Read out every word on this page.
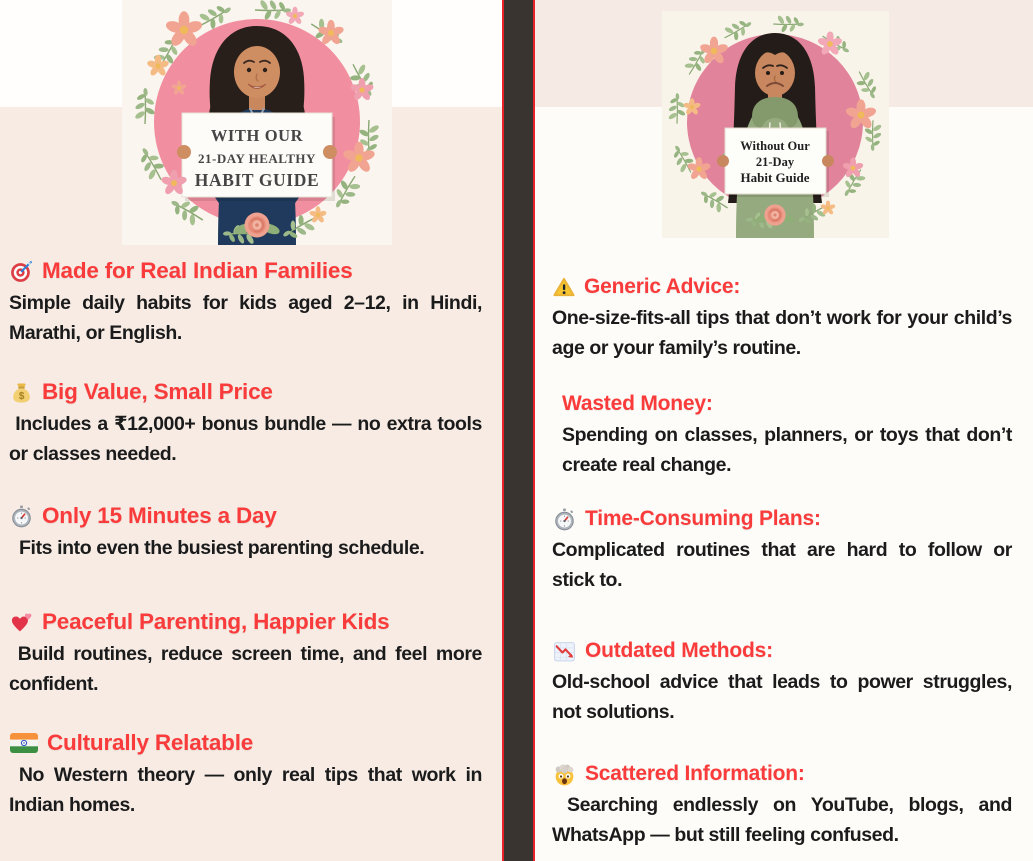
WITH OUR
21-DAY HEALTHY
HABIT GUIDE
Made for Real Indian Families

Simple daily habits for kids aged 2–12, in Hindi, Marathi, or English.

$ Big Value, Small Price

Includes a ₹12,000+ bonus bundle — no extra tools or classes needed.

Only 15 Minutes a Day

Fits into even the busiest parenting schedule.

Peaceful Parenting, Happier Kids

Build routines, reduce screen time, and feel more confident.

Culturally Relatable

No Western theory — only real tips that work in Indian homes.

Without Our
21-Day
Habit Guide
Generic Advice:

One-size-fits-all tips that don’t work for your child’s age or your family’s routine.

Wasted Money:

Spending on classes, planners, or toys that don’t create real change.

Time-Consuming Plans:

Complicated routines that are hard to follow or stick to.

Outdated Methods:

Old-school advice that leads to power struggles, not solutions.

Scattered Information:

Searching endlessly on YouTube, blogs, and WhatsApp — but still feeling confused.
